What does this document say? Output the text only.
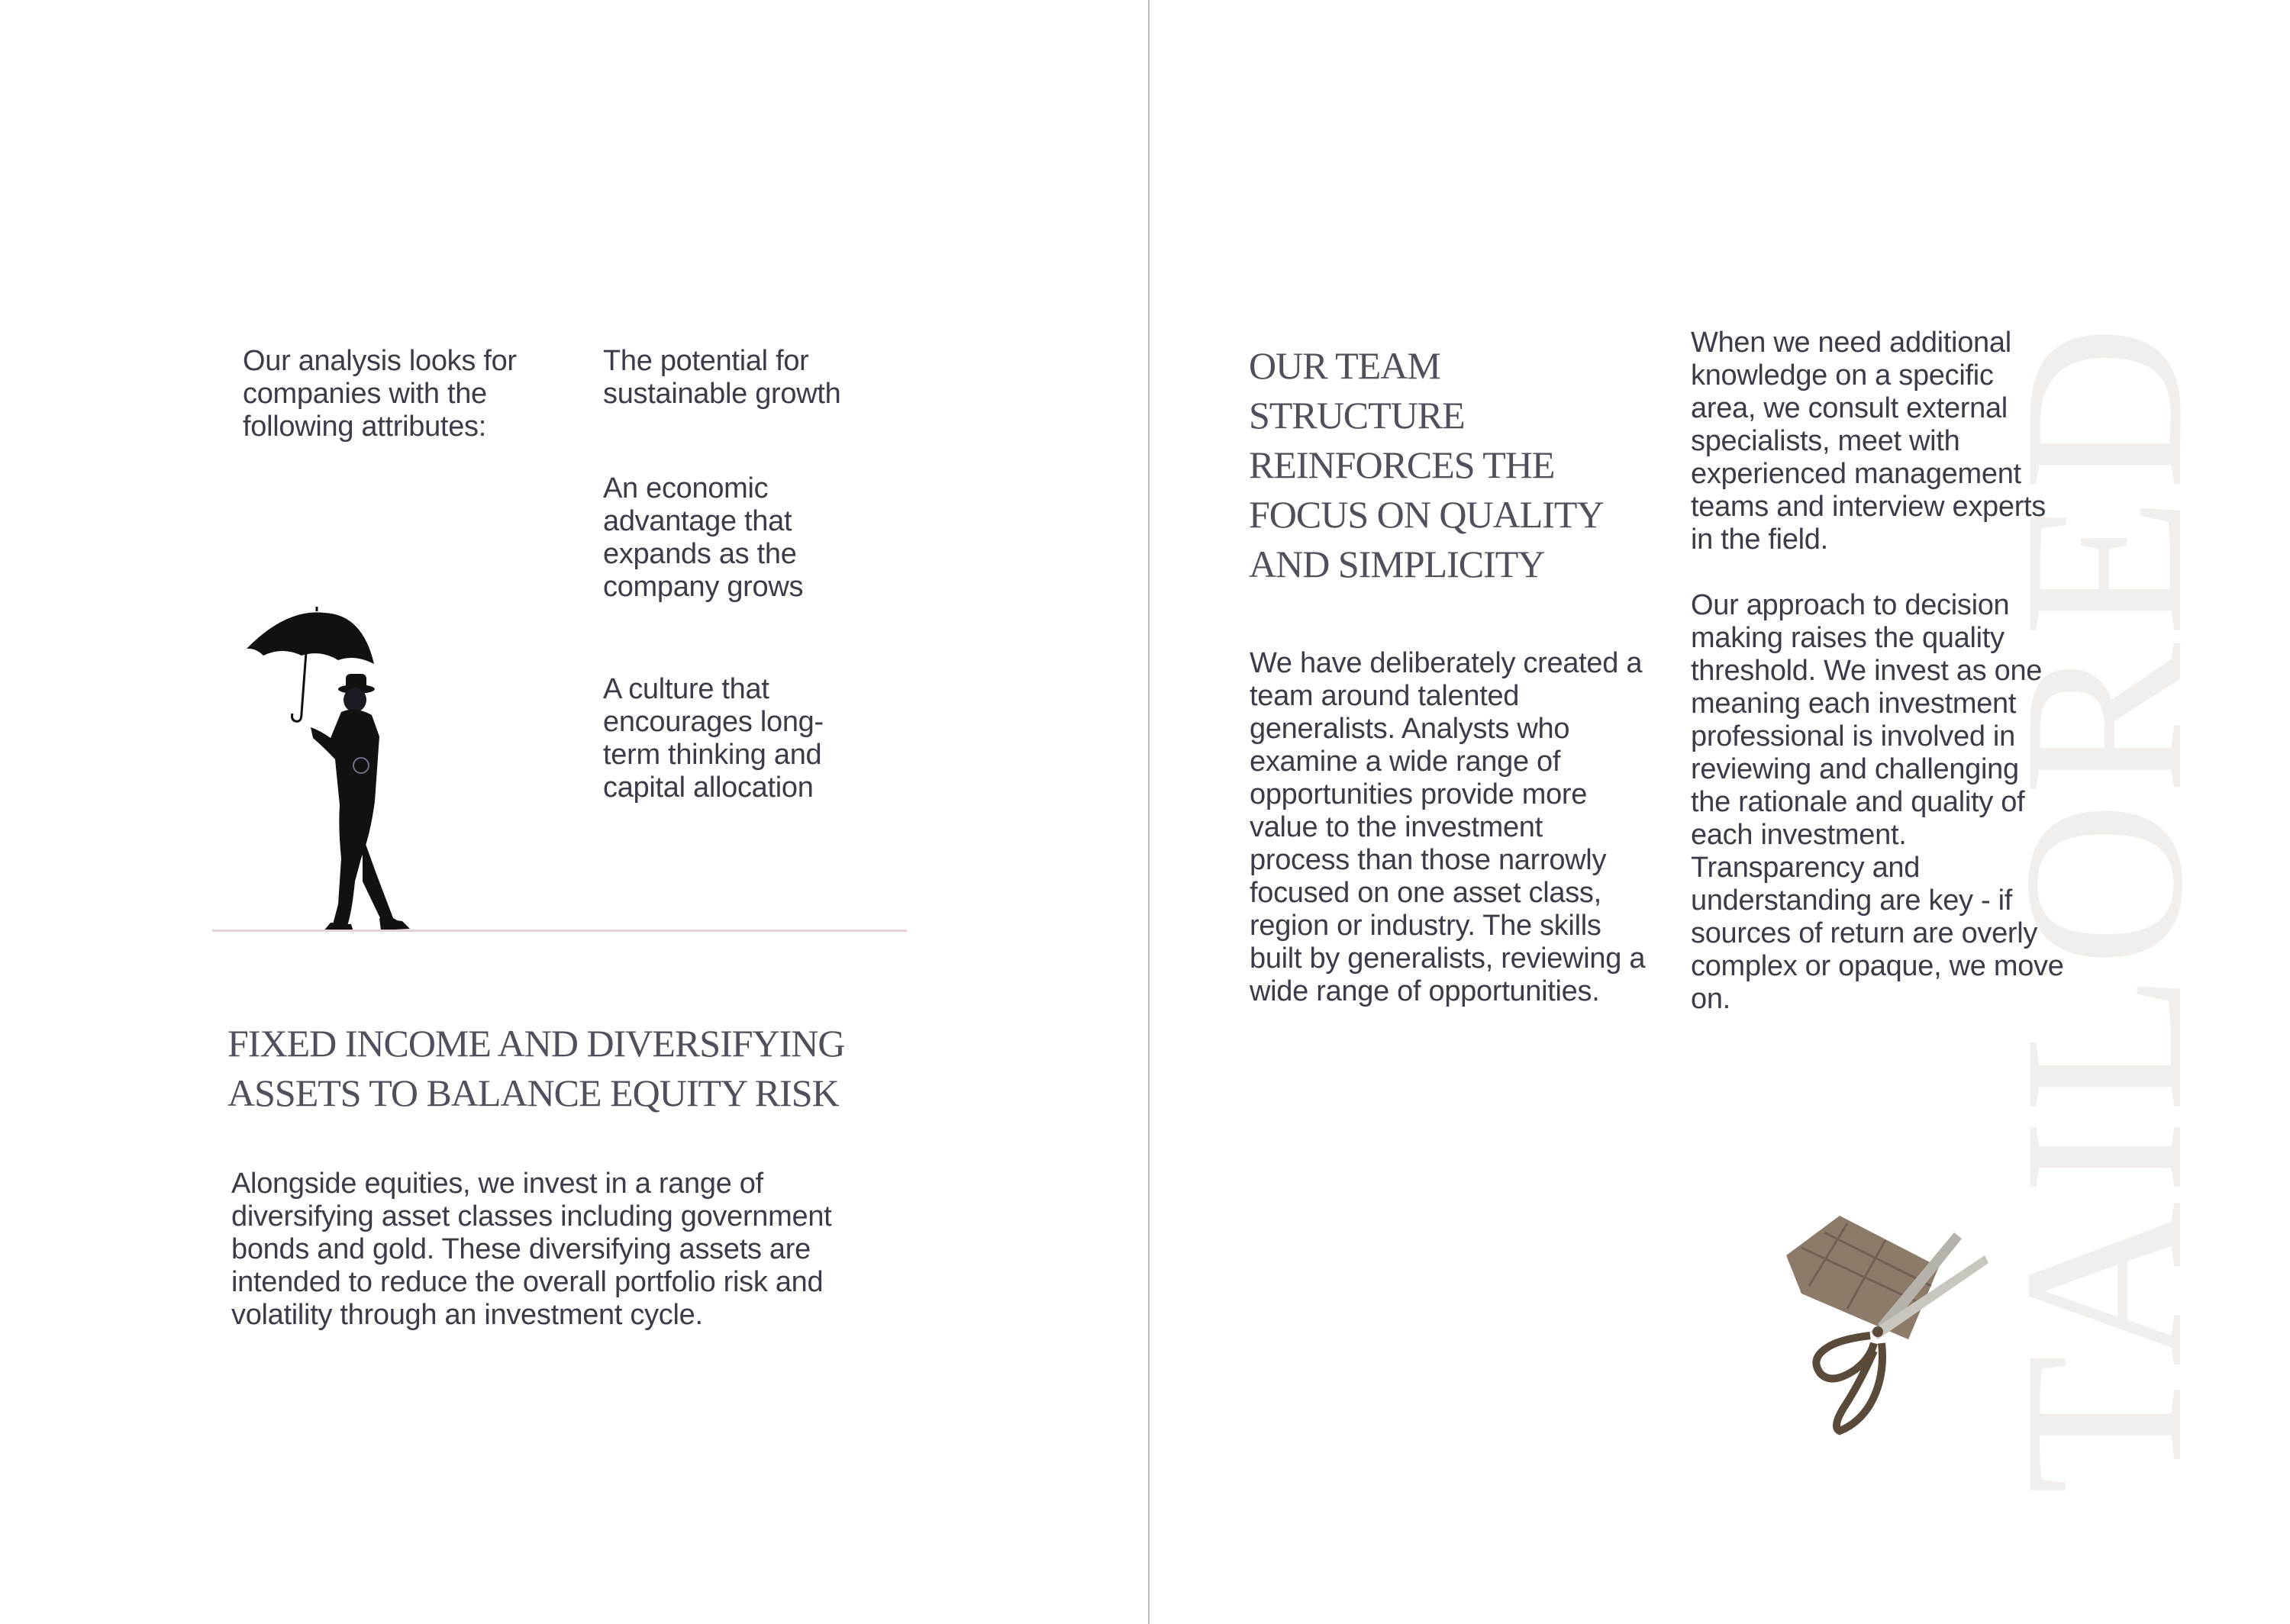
Our analysis looks for companies with the following attributes:
The potential for sustainable growth
An economic advantage that expands as the company grows
A culture that encourages long-term thinking and capital allocation
FIXED INCOME AND DIVERSIFYING ASSETS TO BALANCE EQUITY RISK
Alongside equities, we invest in a range of diversifying asset classes including government bonds and gold. These diversifying assets are intended to reduce the overall portfolio risk and volatility through an investment cycle.
OUR TEAM STRUCTURE REINFORCES THE FOCUS ON QUALITY AND SIMPLICITY
We have deliberately created a team around talented generalists. Analysts who examine a wide range of opportunities provide more value to the investment process than those narrowly focused on one asset class, region or industry. The skills built by generalists, reviewing a wide range of opportunities.
When we need additional knowledge on a specific area, we consult external specialists, meet with experienced management teams and interview experts in the field.
Our approach to decision making raises the quality threshold. We invest as one, meaning each investment professional is involved in reviewing and challenging the rationale and quality of each investment. Transparency and understanding are key - if sources of return are overly complex or opaque, we move on.	TAILORED
